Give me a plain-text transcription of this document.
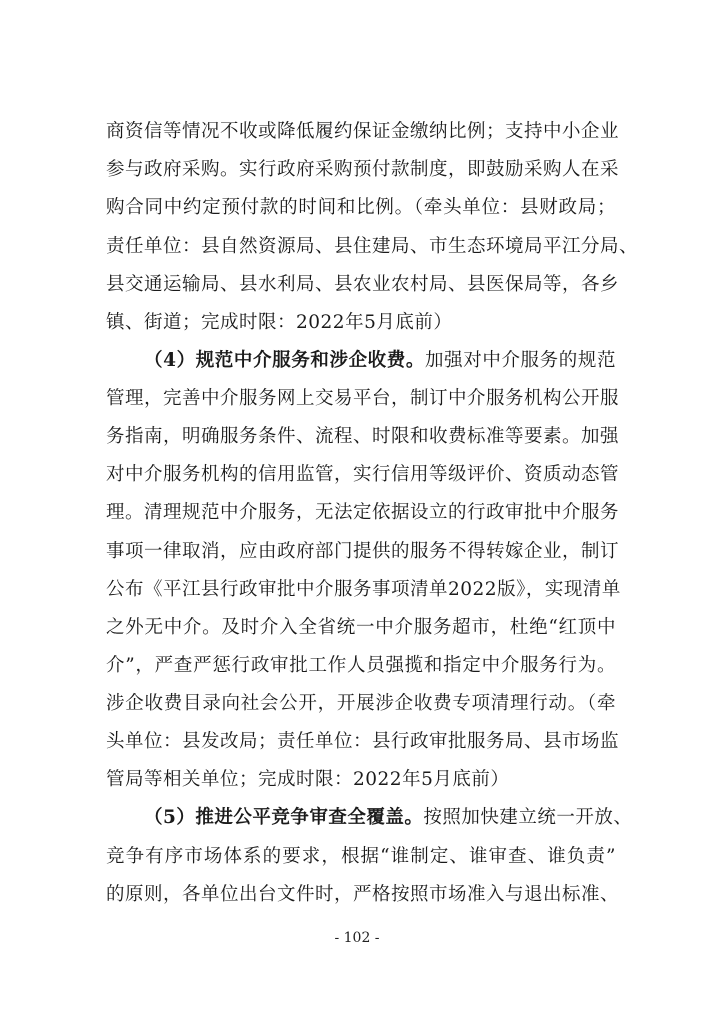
商资信等情况不收或降低履约保证金缴纳比例；支持中小企业
参与政府采购。实行政府采购预付款制度，即鼓励采购人在采
购合同中约定预付款的时间和比例。（牵头单位：县财政局；
责任单位：县自然资源局、县住建局、市生态环境局平江分局、
县交通运输局、县水利局、县农业农村局、县医保局等，各乡
镇、街道；完成时限：2022年5月底前）
（4）规范中介服务和涉企收费。加强对中介服务的规范
管理，完善中介服务网上交易平台，制订中介服务机构公开服
务指南，明确服务条件、流程、时限和收费标准等要素。加强
对中介服务机构的信用监管，实行信用等级评价、资质动态管
理。清理规范中介服务，无法定依据设立的行政审批中介服务
事项一律取消，应由政府部门提供的服务不得转嫁企业，制订
公布《平江县行政审批中介服务事项清单2022版》，实现清单
之外无中介。及时介入全省统一中介服务超市，杜绝“红顶中
介”，严查严惩行政审批工作人员强揽和指定中介服务行为。
涉企收费目录向社会公开，开展涉企收费专项清理行动。（牵
头单位：县发改局；责任单位：县行政审批服务局、县市场监
管局等相关单位；完成时限：2022年5月底前）
（5）推进公平竞争审查全覆盖。按照加快建立统一开放、
竞争有序市场体系的要求，根据“谁制定、谁审查、谁负责”
的原则，各单位出台文件时，严格按照市场准入与退出标准、
- 102 -
